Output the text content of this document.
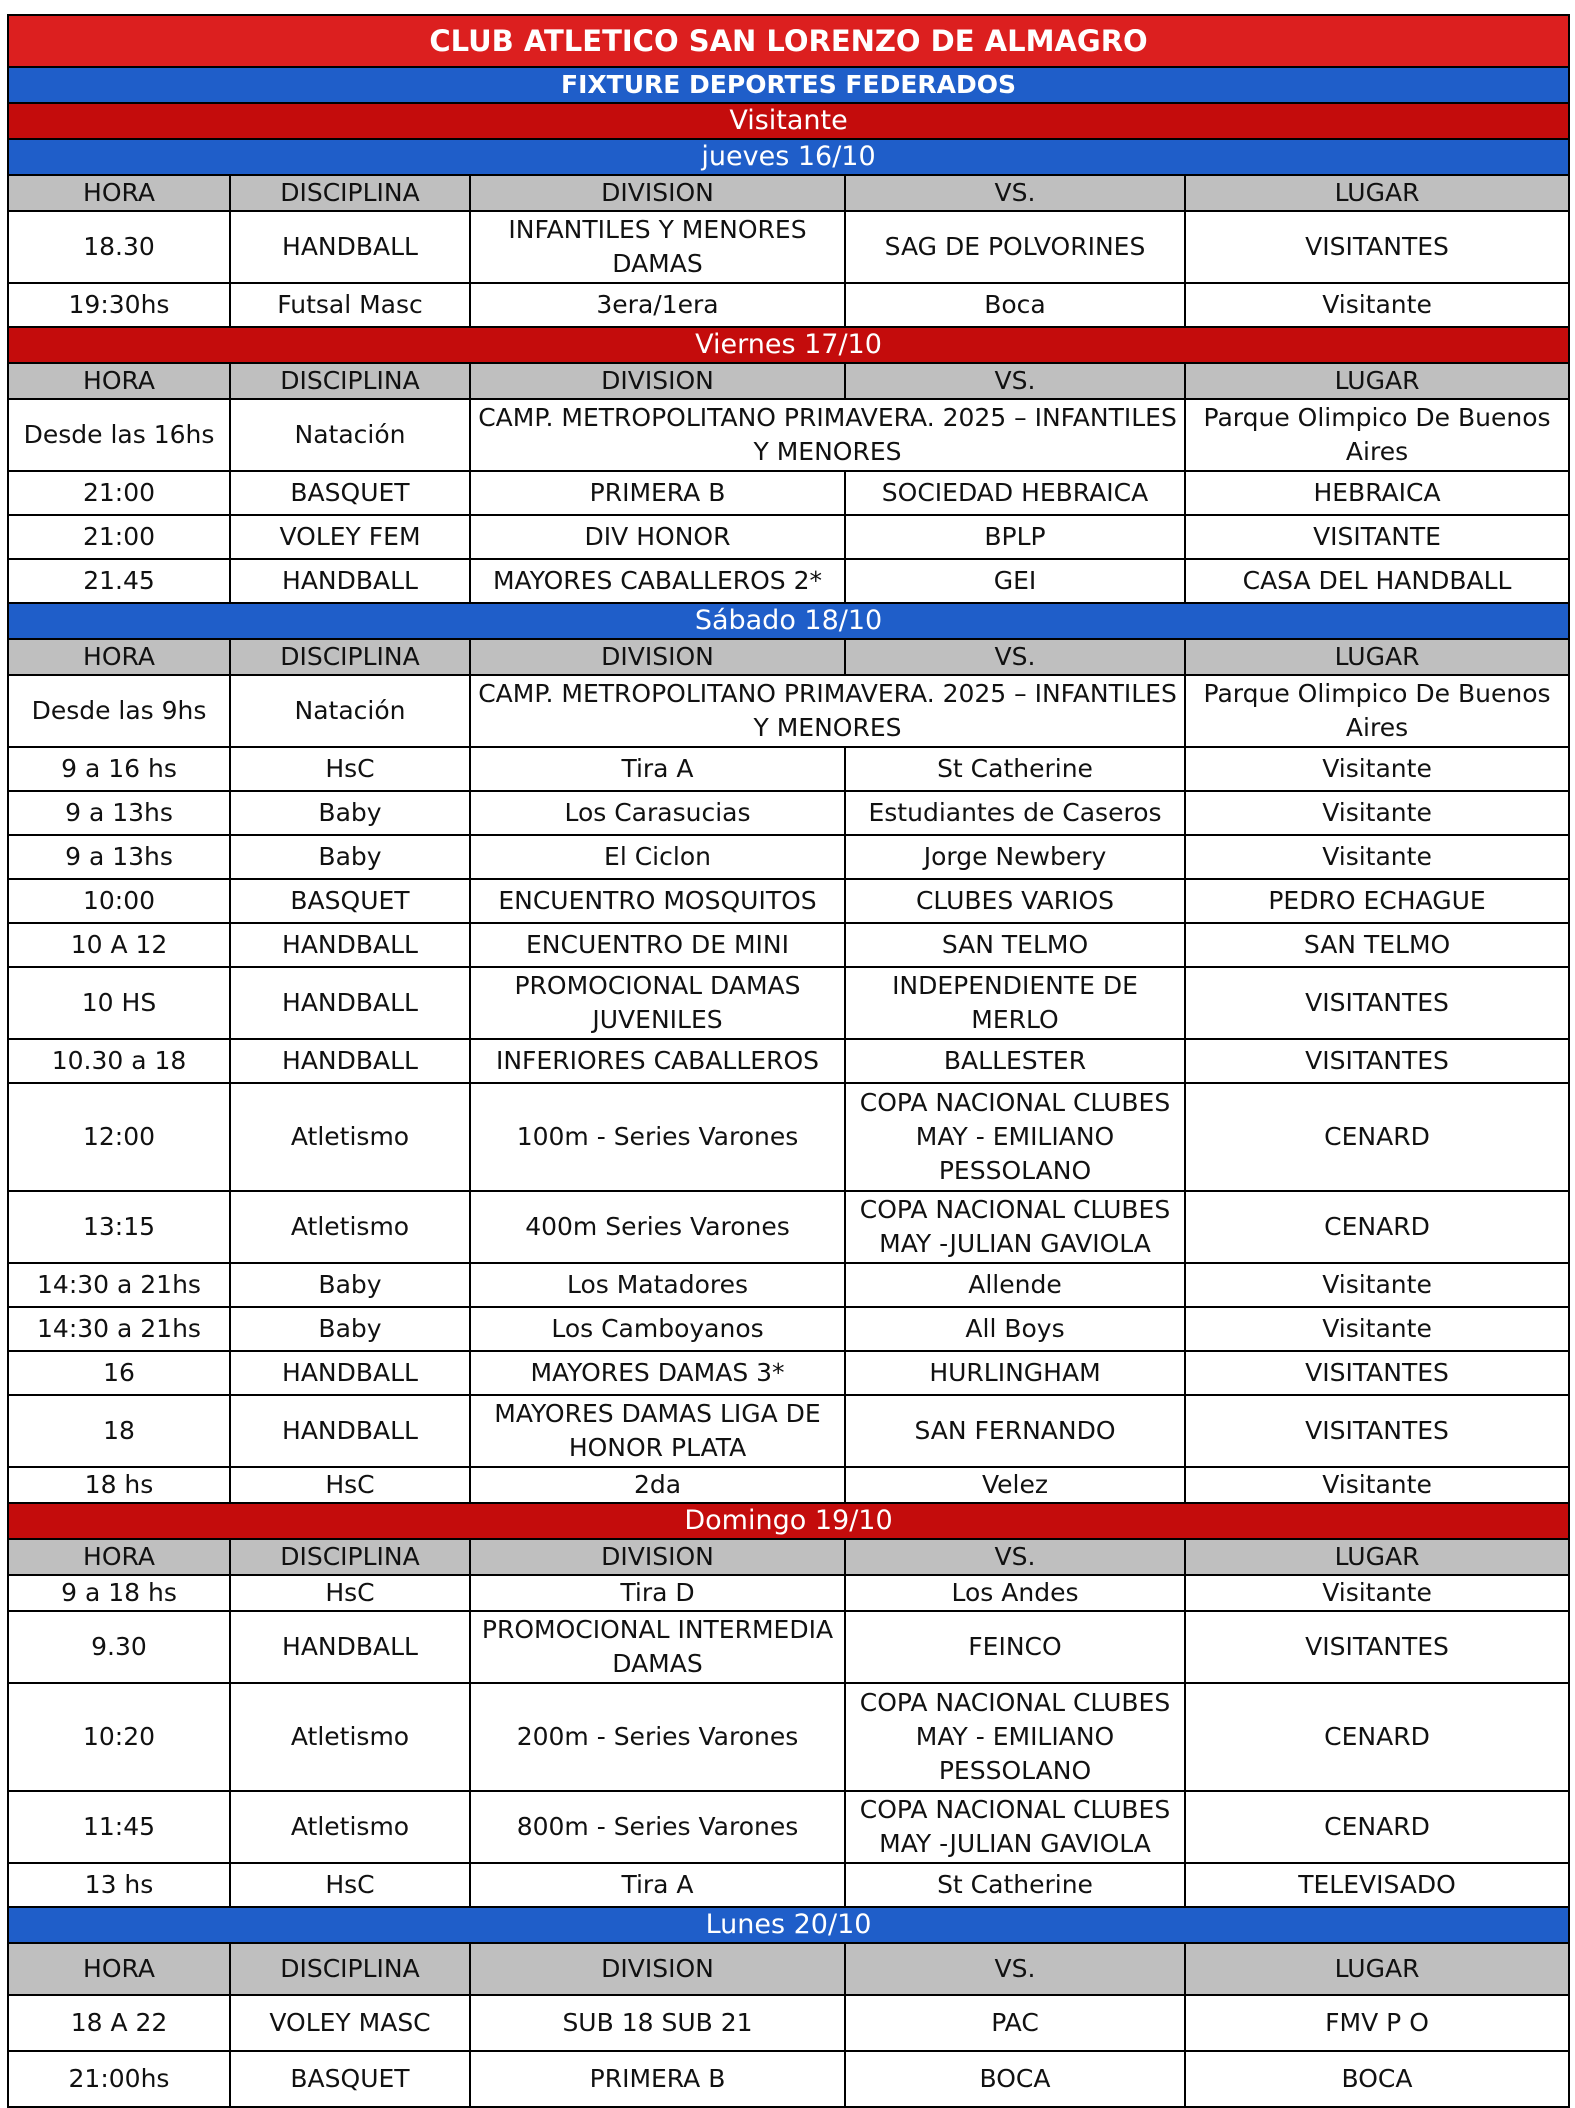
CLUB ATLETICO SAN LORENZO DE ALMAGRO				
FIXTURE DEPORTES FEDERADOS				
Visitante				
jueves 16/10				
HORA	DISCIPLINA	DIVISION	VS.	LUGAR
18.30	HANDBALL	INFANTILES Y MENORES DAMAS	SAG DE POLVORINES	VISITANTES
19:30hs	Futsal Masc	3era/1era	Boca	Visitante
Viernes 17/10				
HORA	DISCIPLINA	DIVISION	VS.	LUGAR
Desde las 16hs	Natación	CAMP. METROPOLITANO PRIMAVERA. 2025 – INFANTILES Y MENORES		Parque Olimpico De Buenos Aires
21:00	BASQUET	PRIMERA B	SOCIEDAD HEBRAICA	HEBRAICA
21:00	VOLEY FEM	DIV HONOR	BPLP	VISITANTE
21.45	HANDBALL	MAYORES CABALLEROS 2*	GEI	CASA DEL HANDBALL
Sábado 18/10				
HORA	DISCIPLINA	DIVISION	VS.	LUGAR
Desde las 9hs	Natación	CAMP. METROPOLITANO PRIMAVERA. 2025 – INFANTILES Y MENORES		Parque Olimpico De Buenos Aires
9 a 16 hs	HsC	Tira A	St Catherine	Visitante
9 a 13hs	Baby	Los Carasucias	Estudiantes de Caseros	Visitante
9 a 13hs	Baby	El Ciclon	Jorge Newbery	Visitante
10:00	BASQUET	ENCUENTRO MOSQUITOS	CLUBES VARIOS	PEDRO ECHAGUE
10 A 12	HANDBALL	ENCUENTRO DE MINI	SAN TELMO	SAN TELMO
10 HS	HANDBALL	PROMOCIONAL DAMAS JUVENILES	INDEPENDIENTE DE MERLO	VISITANTES
10.30 a 18	HANDBALL	INFERIORES CABALLEROS	BALLESTER	VISITANTES
12:00	Atletismo	100m - Series Varones	COPA NACIONAL CLUBES MAY - EMILIANO PESSOLANO	CENARD
13:15	Atletismo	400m Series Varones	COPA NACIONAL CLUBES MAY -JULIAN GAVIOLA	CENARD
14:30 a 21hs	Baby	Los Matadores	Allende	Visitante
14:30 a 21hs	Baby	Los Camboyanos	All Boys	Visitante
16	HANDBALL	MAYORES DAMAS 3*	HURLINGHAM	VISITANTES
18	HANDBALL	MAYORES DAMAS LIGA DE HONOR PLATA	SAN FERNANDO	VISITANTES
18 hs	HsC	2da	Velez	Visitante
Domingo 19/10				
HORA	DISCIPLINA	DIVISION	VS.	LUGAR
9 a 18 hs	HsC	Tira D	Los Andes	Visitante
9.30	HANDBALL	PROMOCIONAL INTERMEDIA DAMAS	FEINCO	VISITANTES
10:20	Atletismo	200m - Series Varones	COPA NACIONAL CLUBES MAY - EMILIANO PESSOLANO	CENARD
11:45	Atletismo	800m - Series Varones	COPA NACIONAL CLUBES MAY -JULIAN GAVIOLA	CENARD
13 hs	HsC	Tira A	St Catherine	TELEVISADO
Lunes 20/10				
HORA	DISCIPLINA	DIVISION	VS.	LUGAR
18 A 22	VOLEY MASC	SUB 18 SUB 21	PAC	FMV P O
21:00hs	BASQUET	PRIMERA B	BOCA	BOCA
